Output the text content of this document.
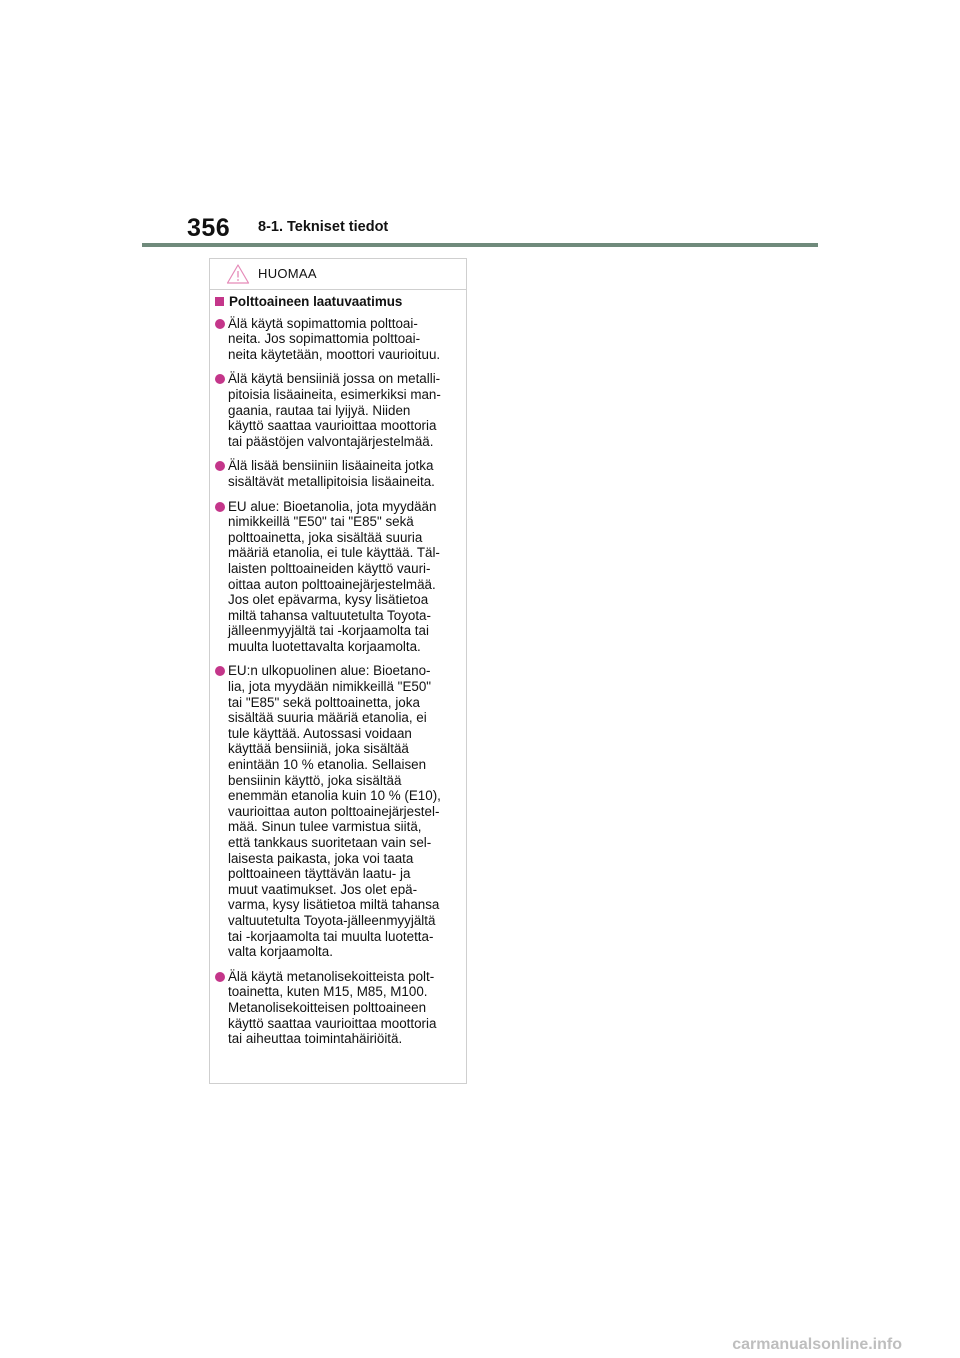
356 8-1. Tekniset tiedot
HUOMAA
Polttoaineen laatuvaatimus
Älä käytä sopimattomia polttoai-
neita. Jos sopimattomia polttoai-
neita käytetään, moottori vaurioituu.
Älä käytä bensiiniä jossa on metalli-
pitoisia lisäaineita, esimerkiksi man-
gaania, rautaa tai lyijyä. Niiden
käyttö saattaa vaurioittaa moottoria
tai päästöjen valvontajärjestelmää.
Älä lisää bensiiniin lisäaineita jotka
sisältävät metallipitoisia lisäaineita.
EU alue: Bioetanolia, jota myydään
nimikkeillä "E50" tai "E85" sekä
polttoainetta, joka sisältää suuria
määriä etanolia, ei tule käyttää. Täl-
laisten polttoaineiden käyttö vauri-
oittaa auton polttoainejärjestelmää.
Jos olet epävarma, kysy lisätietoa
miltä tahansa valtuutetulta Toyota-
jälleenmyyjältä tai -korjaamolta tai
muulta luotettavalta korjaamolta.
EU:n ulkopuolinen alue: Bioetano-
lia, jota myydään nimikkeillä "E50"
tai "E85" sekä polttoainetta, joka
sisältää suuria määriä etanolia, ei
tule käyttää. Autossasi voidaan
käyttää bensiiniä, joka sisältää
enintään 10 % etanolia. Sellaisen
bensiinin käyttö, joka sisältää
enemmän etanolia kuin 10 % (E10),
vaurioittaa auton polttoainejärjestel-
mää. Sinun tulee varmistua siitä,
että tankkaus suoritetaan vain sel-
laisesta paikasta, joka voi taata
polttoaineen täyttävän laatu- ja
muut vaatimukset. Jos olet epä-
varma, kysy lisätietoa miltä tahansa
valtuutetulta Toyota-jälleenmyyjältä
tai -korjaamolta tai muulta luotetta-
valta korjaamolta.
Älä käytä metanolisekoitteista polt-
toainetta, kuten M15, M85, M100.
Metanolisekoitteisen polttoaineen
käyttö saattaa vaurioittaa moottoria
tai aiheuttaa toimintahäiriöitä.
carmanualsonline.info
